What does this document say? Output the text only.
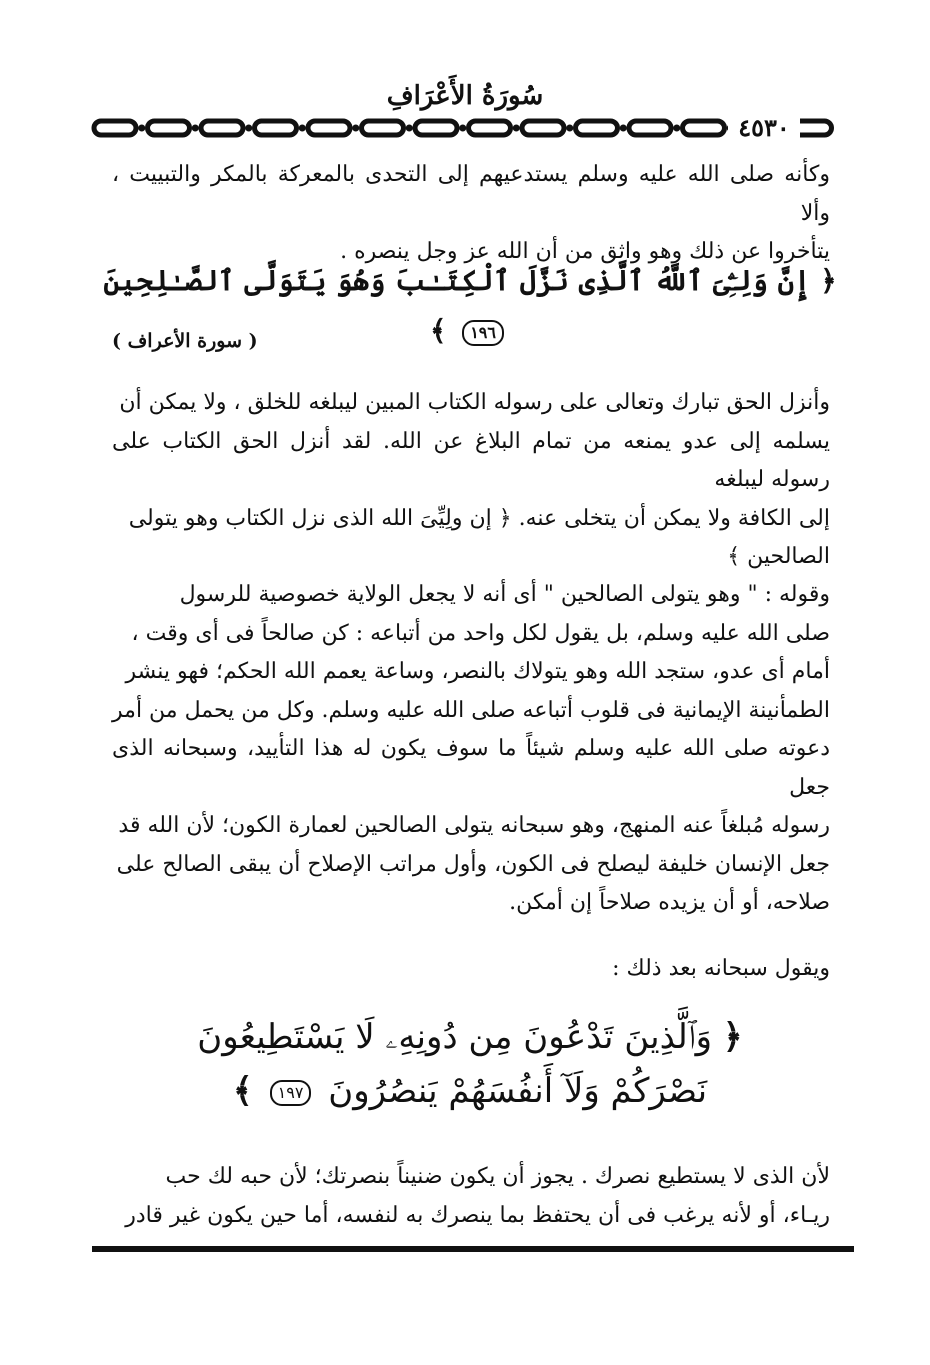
سُورَةُ الأَعْرَافِ
٤٥٣٠
وكأنه صلى الله عليه وسلم يستدعيهم إلى التحدى بالمعركة بالمكر والتبييت ، وألا
يتأخروا عن ذلك وهو واثق من أن الله عز وجل ينصره .
﴿ إِنَّ وَلِـِّۧىَ ٱللَّهُ ٱلَّذِى نَزَّلَ ٱلْكِتَـٰبَ وَهُوَ يَتَوَلَّى ٱلصَّـٰلِحِينَ ١٩٦ ﴾
( سورة الأعراف )
وأنزل الحق تبارك وتعالى على رسوله الكتاب المبين ليبلغه للخلق ، ولا يمكن أن
يسلمه إلى عدو يمنعه من تمام البلاغ عن الله. لقد أنزل الحق الكتاب على رسوله ليبلغه
إلى الكافة ولا يمكن أن يتخلى عنه. ﴿ إن ولِيِّىَ الله الذى نزل الكتاب وهو يتولى
الصالحين ﴾
وقوله : " وهو يتولى الصالحين " أى أنه لا يجعل الولاية خصوصية للرسول
صلى الله عليه وسلم، بل يقول لكل واحد من أتباعه : كن صالحاً فى أى وقت ،
أمام أى عدو، ستجد الله وهو يتولاك بالنصر، وساعة يعمم الله الحكم؛ فهو ينشر
الطمأنينة الإيمانية فى قلوب أتباعه صلى الله عليه وسلم. وكل من يحمل من أمر
دعوته صلى الله عليه وسلم شيئاً ما سوف يكون له هذا التأييد، وسبحانه الذى جعل
رسوله مُبلغاً عنه المنهج، وهو سبحانه يتولى الصالحين لعمارة الكون؛ لأن الله قد
جعل الإنسان خليفة ليصلح فى الكون، وأول مراتب الإصلاح أن يبقى الصالح على
صلاحه، أو أن يزيده صلاحاً إن أمكن.
ويقول سبحانه بعد ذلك :
﴿ وَٱلَّذِينَ تَدْعُونَ مِن دُونِهِۦ لَا يَسْتَطِيعُونَ
نَصْرَكُمْ وَلَآ أَنفُسَهُمْ يَنصُرُونَ ١٩٧ ﴾
لأن الذى لا يستطيع نصرك . يجوز أن يكون ضنيناً بنصرتك؛ لأن حبه لك حب
ريـاء، أو لأنه يرغب فى أن يحتفظ بما ينصرك به لنفسه، أما حين يكون غير قادر
